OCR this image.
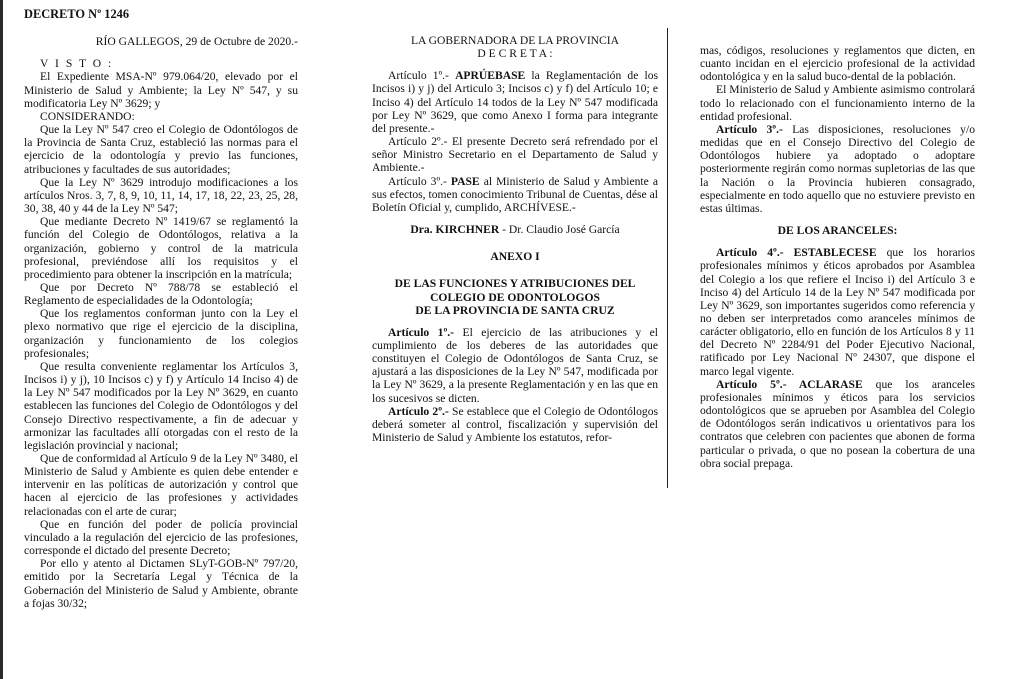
DECRETO Nº 1246

RÍO GALLEGOS, 29 de Octubre de 2020.-

V I S T O :

El Expediente MSA-Nº 979.064/20, elevado por el Ministerio de Salud y Ambiente; la Ley Nº 547, y su modificatoria Ley Nº 3629; y

CONSIDERANDO:

Que la Ley Nº 547 creo el Colegio de Odontólogos de la Provincia de Santa Cruz, estableció las normas para el ejercicio de la odontología y previo las funciones, atribuciones y facultades de sus autoridades;

Que la Ley Nº 3629 introdujo modificaciones a los artículos Nros. 3, 7, 8, 9, 10, 11, 14, 17, 18, 22, 23, 25, 28, 30, 38, 40 y 44 de la Ley Nº 547;

Que mediante Decreto Nº 1419/67 se reglamentó la función del Colegio de Odontólogos, relativa a la organización, gobierno y control de la matricula profesional, previéndose allí los requisitos y el procedimiento para obtener la inscripción en la matrícula;

Que por Decreto Nº 788/78 se estableció el Reglamento de especialidades de la Odontología;

Que los reglamentos conforman junto con la Ley el plexo normativo que rige el ejercicio de la disciplina, organización y funcionamiento de los colegios profesionales;

Que resulta conveniente reglamentar los Artículos 3, Incisos i) y j), 10 Incisos c) y f) y Artículo 14 Inciso 4) de la Ley Nº 547 modificados por la Ley Nº 3629, en cuanto establecen las funciones del Colegio de Odontólogos y del Consejo Directivo respectivamente, a fin de adecuar y armonizar las facultades allí otorgadas con el resto de la legislación provincial y nacional;

Que de conformidad al Artículo 9 de la Ley Nº 3480, el Ministerio de Salud y Ambiente es quien debe entender e intervenir en las políticas de autorización y control que hacen al ejercicio de las profesiones y actividades relacionadas con el arte de curar;

Que en función del poder de policía provincial vinculado a la regulación del ejercicio de las profesiones, corresponde el dictado del presente Decreto;

Por ello y atento al Dictamen SLyT-GOB-Nº 797/20, emitido por la Secretaría Legal y Técnica de la Gobernación del Ministerio de Salud y Ambiente, obrante a fojas 30/32;

LA GOBERNADORA DE LA PROVINCIA

D E C R E T A :

Artículo 1º.- APRÚEBASE la Reglamentación de los Incisos i) y j) del Articulo 3; Incisos c) y f) del Artículo 10; e Inciso 4) del Artículo 14 todos de la Ley Nº 547 modificada por Ley Nº 3629, que como Anexo I forma para integrante del presente.-

Artículo 2º.- El presente Decreto será refrendado por el señor Ministro Secretario en el Departamento de Salud y Ambiente.-

Artículo 3º.- PASE al Ministerio de Salud y Ambiente a sus efectos, tomen conocimiento Tribunal de Cuentas, dése al Boletín Oficial y, cumplido, ARCHÍVESE.-

Dra. KIRCHNER - Dr. Claudio José García

ANEXO I

DE LAS FUNCIONES Y ATRIBUCIONES DEL

COLEGIO DE ODONTOLOGOS

DE LA PROVINCIA DE SANTA CRUZ

Artículo 1º.- El ejercicio de las atribuciones y el cumplimiento de los deberes de las autoridades que constituyen el Colegio de Odontólogos de Santa Cruz, se ajustará a las disposiciones de la Ley Nº 547, modificada por la Ley Nº 3629, a la presente Reglamentación y en las que en los sucesivos se dicten.

Artículo 2º.- Se establece que el Colegio de Odontólogos deberá someter al control, fiscalización y supervisión del Ministerio de Salud y Ambiente los estatutos, refor-

mas, códigos, resoluciones y reglamentos que dicten, en cuanto incidan en el ejercicio profesional de la actividad odontológica y en la salud buco-dental de la población.

El Ministerio de Salud y Ambiente asimismo controlará todo lo relacionado con el funcionamiento interno de la entidad profesional.

Artículo 3º.- Las disposiciones, resoluciones y/o medidas que en el Consejo Directivo del Colegio de Odontólogos hubiere ya adoptado o adoptare posteriormente regirán como normas supletorias de las que la Nación o la Provincia hubieren consagrado, especialmente en todo aquello que no estuviere previsto en estas últimas.

DE LOS ARANCELES:

Artículo 4º.- ESTABLECESE que los horarios profesionales mínimos y éticos aprobados por Asamblea del Colegio a los que refiere el Inciso i) del Artículo 3 e Inciso 4) del Artículo 14 de la Ley Nº 547 modificada por Ley Nº 3629, son importantes sugeridos como referencia y no deben ser interpretados como aranceles mínimos de carácter obligatorio, ello en función de los Artículos 8 y 11 del Decreto Nº 2284/91 del Poder Ejecutivo Nacional, ratificado por Ley Nacional Nº 24307, que dispone el marco legal vigente.

Artículo 5º.- ACLARASE que los aranceles profesionales mínimos y éticos para los servicios odontológicos que se aprueben por Asamblea del Colegio de Odontólogos serán indicativos u orientativos para los contratos que celebren con pacientes que abonen de forma particular o privada, o que no posean la cobertura de una obra social prepaga.
